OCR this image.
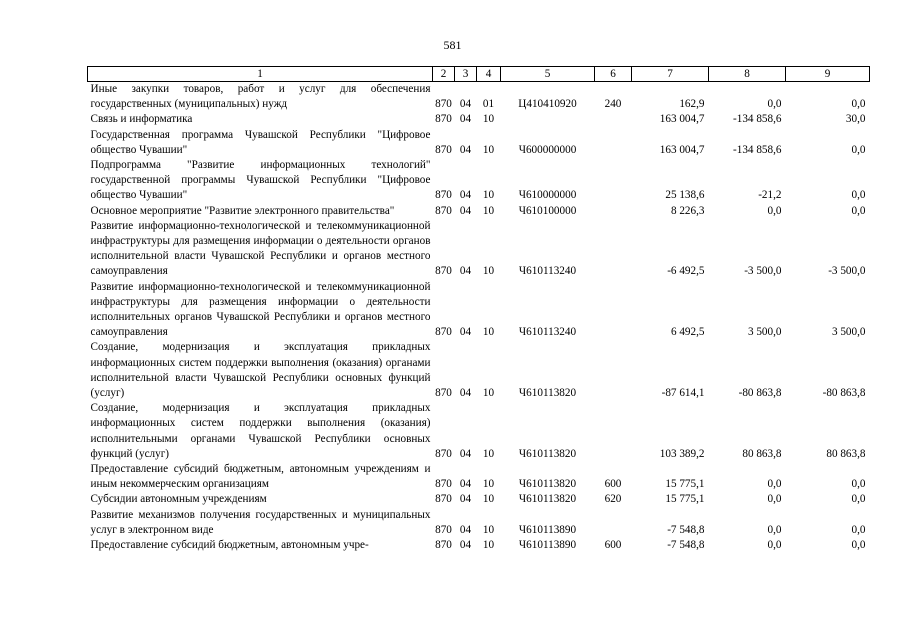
581
1	2	3	4	5	6	7	8	9
Иные закупки товаров, работ и услуг для обеспечения государственных (муниципальных) нужд	870	04	01	Ц410410920	240	162,9	0,0	0,0
Связь и информатика	870	04	10			163 004,7	-134 858,6	30,0
Государственная программа Чувашской Республики "Цифровое общество Чувашии"	870	04	10	Ч600000000		163 004,7	-134 858,6	0,0
Подпрограмма "Развитие информационных технологий" государственной программы Чувашской Республики "Цифровое общество Чувашии"	870	04	10	Ч610000000		25 138,6	-21,2	0,0
Основное мероприятие "Развитие электронного правительства"	870	04	10	Ч610100000		8 226,3	0,0	0,0
Развитие информационно-технологической и телекоммуникационной инфраструктуры для размещения информации о деятельности органов исполнительной власти Чувашской Республики и органов местного самоуправления	870	04	10	Ч610113240		-6 492,5	-3 500,0	-3 500,0
Развитие информационно-технологической и телекоммуникационной инфраструктуры для размещения информации о деятельности исполнительных органов Чувашской Республики и органов местного самоуправления	870	04	10	Ч610113240		6 492,5	3 500,0	3 500,0
Создание, модернизация и эксплуатация прикладных информационных систем поддержки выполнения (оказания) органами исполнительной власти Чувашской Республики основных функций (услуг)	870	04	10	Ч610113820		-87 614,1	-80 863,8	-80 863,8
Создание, модернизация и эксплуатация прикладных информационных систем поддержки выполнения (оказания) исполнительными органами Чувашской Республики основных функций (услуг)	870	04	10	Ч610113820		103 389,2	80 863,8	80 863,8
Предоставление субсидий бюджетным, автономным учреждениям и иным некоммерческим организациям	870	04	10	Ч610113820	600	15 775,1	0,0	0,0
Субсидии автономным учреждениям	870	04	10	Ч610113820	620	15 775,1	0,0	0,0
Развитие механизмов получения государственных и муниципальных услуг в электронном виде	870	04	10	Ч610113890		-7 548,8	0,0	0,0
Предоставление субсидий бюджетным, автономным учре-	870	04	10	Ч610113890	600	-7 548,8	0,0	0,0
